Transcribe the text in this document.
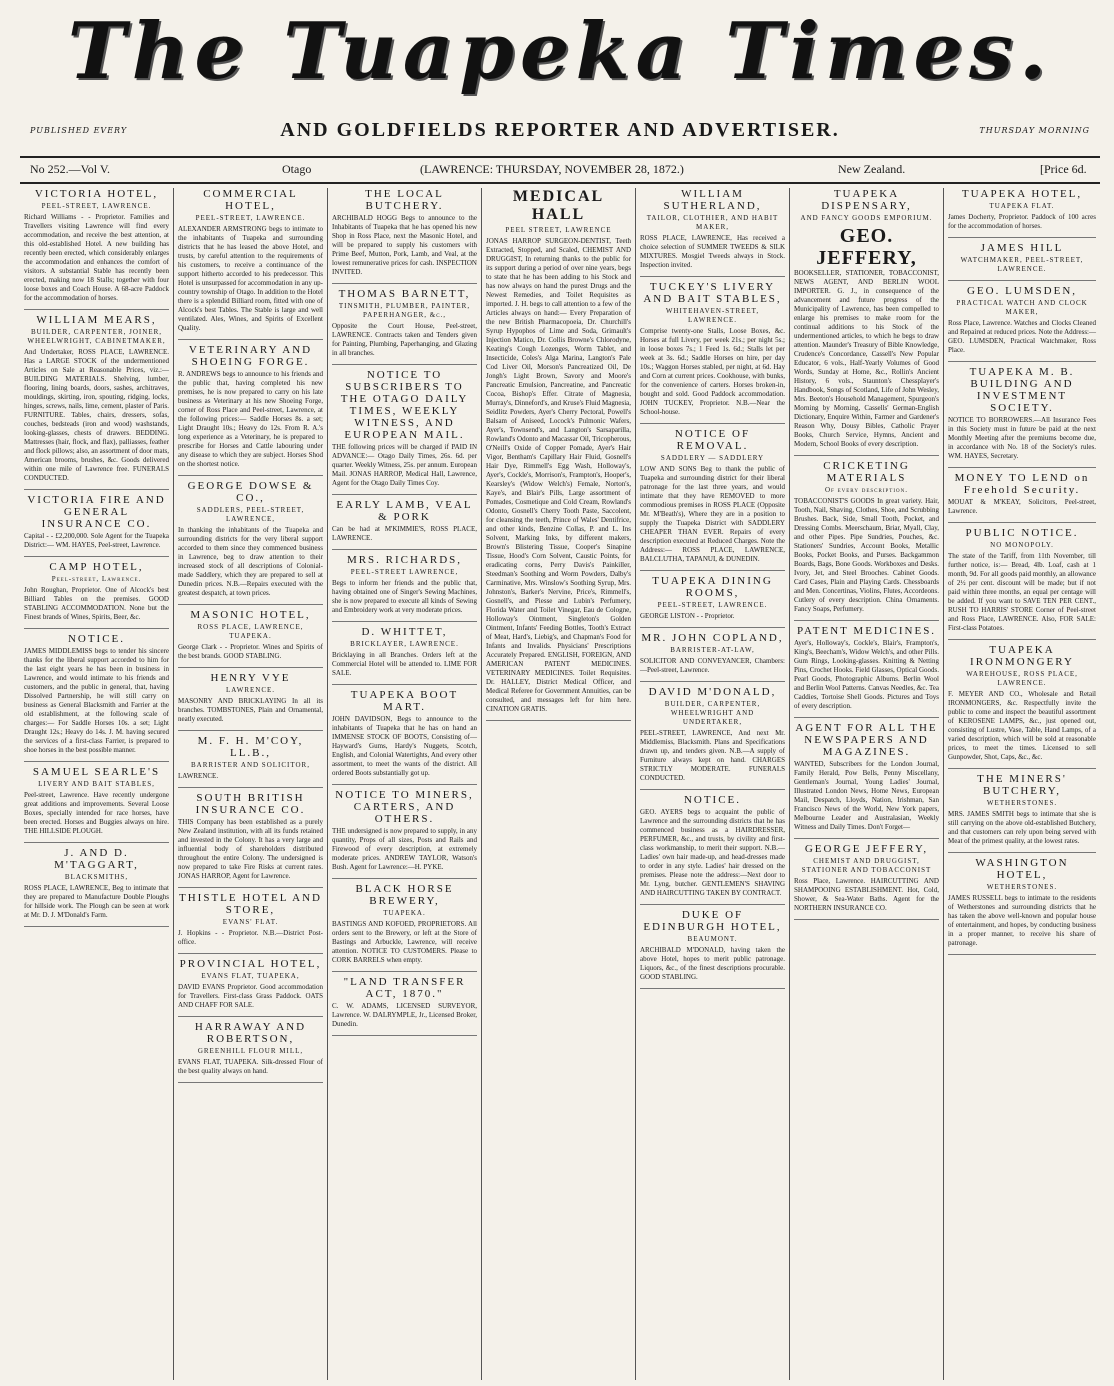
The Tuapeka Times.
PUBLISHED EVERY	AND GOLDFIELDS REPORTER AND ADVERTISER.	THURSDAY MORNING
No 252.—Vol V.	Otago	(LAWRENCE: THURSDAY, NOVEMBER 28, 1872.)	New Zealand.	[Price 6d.
VICTORIA HOTEL,
PEEL-STREET, LAWRENCE.

Richard Williams - - Proprietor. Families and Travellers visiting Lawrence will find every accommodation, and receive the best attention, at this old-established Hotel. A new building has recently been erected, which considerably enlarges the accommodation and enhances the comfort of visitors. A substantial Stable has recently been erected, making now 18 Stalls; together with four loose boxes and Coach House. A 68-acre Paddock for the accommodation of horses.

WILLIAM MEARS,
BUILDER, CARPENTER, JOINER, WHEELWRIGHT, CABINETMAKER,

And Undertaker, ROSS PLACE, LAWRENCE. Has a LARGE STOCK of the undermentioned Articles on Sale at Reasonable Prices, viz.:— BUILDING MATERIALS. Shelving, lumber, flooring, lining boards, doors, sashes, architraves, mouldings, skirting, iron, spouting, ridging, locks, hinges, screws, nails, lime, cement, plaster of Paris. FURNITURE. Tables, chairs, dressers, sofas, couches, bedsteads (iron and wood) washstands, looking-glasses, chests of drawers. BEDDING. Mattresses (hair, flock, and flax), palliasses, feather and flock pillows; also, an assortment of door mats, American brooms, brushes, &c. Goods delivered within one mile of Lawrence free. FUNERALS CONDUCTED.

VICTORIA FIRE AND GENERAL INSURANCE CO.

Capital - - £2,200,000. Sole Agent for the Tuapeka District:— WM. HAYES, Peel-street, Lawrence.

CAMP HOTEL,
Peel-street, Lawrence.

John Roughan, Proprietor. One of Alcock's best Billiard Tables on the premises. GOOD STABLING ACCOMMODATION. None but the Finest brands of Wines, Spirits, Beer, &c.

NOTICE.

JAMES MIDDLEMISS begs to tender his sincere thanks for the liberal support accorded to him for the last eight years he has been in business in Lawrence, and would intimate to his friends and customers, and the public in general, that, having Dissolved Partnership, he will still carry on business as General Blacksmith and Farrier at the old establishment, at the following scale of charges:— For Saddle Horses 10s. a set; Light Draught 12s.; Heavy do 14s. J. M. having secured the services of a first-class Farrier, is prepared to shoe horses in the best possible manner.

SAMUEL SEARLE'S
LIVERY AND BAIT STABLES,

Peel-street, Lawrence. Have recently undergone great additions and improvements. Several Loose Boxes, specially intended for race horses, have been erected. Horses and Buggies always on hire. THE HILLSIDE PLOUGH.

J. AND D. M'TAGGART,
BLACKSMITHS,

ROSS PLACE, LAWRENCE, Beg to intimate that they are prepared to Manufacture Double Ploughs for hillside work. The Plough can be seen at work at Mr. D. J. M'Donald's Farm.

COMMERCIAL HOTEL,
PEEL-STREET, LAWRENCE.

ALEXANDER ARMSTRONG begs to intimate to the inhabitants of Tuapeka and surrounding districts that he has leased the above Hotel, and trusts, by careful attention to the requirements of his customers, to receive a continuance of the support hitherto accorded to his predecessor. This Hotel is unsurpassed for accommodation in any up-country township of Otago. In addition to the Hotel there is a splendid Billiard room, fitted with one of Alcock's best Tables. The Stable is large and well ventilated. Ales, Wines, and Spirits of Excellent Quality.

VETERINARY AND SHOEING FORGE.

R. ANDREWS begs to announce to his friends and the public that, having completed his new premises, he is now prepared to carry on his late business as Veterinary at his new Shoeing Forge, corner of Ross Place and Peel-street, Lawrence, at the following prices:— Saddle Horses 8s. a set; Light Draught 10s.; Heavy do 12s. From R. A.'s long experience as a Veterinary, he is prepared to prescribe for Horses and Cattle labouring under any disease to which they are subject. Horses Shod on the shortest notice.

GEORGE DOWSE & CO.,
SADDLERS, PEEL-STREET, LAWRENCE,

In thanking the inhabitants of the Tuapeka and surrounding districts for the very liberal support accorded to them since they commenced business in Lawrence, beg to draw attention to their increased stock of all descriptions of Colonial-made Saddlery, which they are prepared to sell at Dunedin prices. N.B.—Repairs executed with the greatest despatch, at town prices.

MASONIC HOTEL,
ROSS PLACE, LAWRENCE, TUAPEKA.

George Clark - - Proprietor. Wines and Spirits of the best brands. GOOD STABLING.

HENRY VYE
LAWRENCE.

MASONRY AND BRICKLAYING In all its branches. TOMBSTONES, Plain and Ornamental, neatly executed.

M. F. H. M'COY, LL.B.,
BARRISTER AND SOLICITOR,

LAWRENCE.

SOUTH BRITISH INSURANCE CO.

THIS Company has been established as a purely New Zealand institution, with all its funds retained and invested in the Colony. It has a very large and influential body of shareholders distributed throughout the entire Colony. The undersigned is now prepared to take Fire Risks at current rates. JONAS HARROP, Agent for Lawrence.

THISTLE HOTEL AND STORE,
EVANS' FLAT.

J. Hopkins - - Proprietor. N.B.—District Post-office.

PROVINCIAL HOTEL,
EVANS FLAT, TUAPEKA,

DAVID EVANS Proprietor. Good accommodation for Travellers. First-class Grass Paddock. OATS AND CHAFF FOR SALE.

HARRAWAY AND ROBERTSON,
GREENHILL FLOUR MILL,

EVANS FLAT, TUAPEKA. Silk-dressed Flour of the best quality always on hand.

THE LOCAL BUTCHERY.

ARCHIBALD HOGG Begs to announce to the Inhabitants of Tuapeka that he has opened his new Shop in Ross Place, next the Masonic Hotel, and will be prepared to supply his customers with Prime Beef, Mutton, Pork, Lamb, and Veal, at the lowest remunerative prices for cash. INSPECTION INVITED.

THOMAS BARNETT,
TINSMITH, PLUMBER, PAINTER, PAPERHANGER, &c.,

Opposite the Court House, Peel-street, LAWRENCE. Contracts taken and Tenders given for Painting, Plumbing, Paperhanging, and Glazing in all branches.

NOTICE TO SUBSCRIBERS TO THE OTAGO DAILY TIMES, WEEKLY WITNESS, AND EUROPEAN MAIL.

THE following prices will be charged if PAID IN ADVANCE:— Otago Daily Times, 26s. 6d. per quarter. Weekly Witness, 25s. per annum. European Mail. JONAS HARROP, Medical Hall, Lawrence, Agent for the Otago Daily Times Coy.

EARLY LAMB, VEAL & PORK

Can be had at M'KIMMIE'S, ROSS PLACE, LAWRENCE.

MRS. RICHARDS,
PEEL-STREET LAWRENCE,

Begs to inform her friends and the public that, having obtained one of Singer's Sewing Machines, she is now prepared to execute all kinds of Sewing and Embroidery work at very moderate prices.

D. WHITTET,
BRICKLAYER, LAWRENCE.

Bricklaying in all Branches. Orders left at the Commercial Hotel will be attended to. LIME FOR SALE.

TUAPEKA BOOT MART.

JOHN DAVIDSON, Begs to announce to the inhabitants of Tuapeka that he has on hand an IMMENSE STOCK OF BOOTS, Consisting of— Hayward's Gums, Hardy's Nuggets, Scotch, English, and Colonial Watertights, And every other assortment, to meet the wants of the district. All ordered Boots substantially got up.

NOTICE TO MINERS, CARTERS, AND OTHERS.

THE undersigned is now prepared to supply, in any quantity, Props of all sizes, Posts and Rails and Firewood of every description, at extremely moderate prices. ANDREW TAYLOR, Watson's Bush. Agent for Lawrence:—H. PYKE.

BLACK HORSE BREWERY,
TUAPEKA.

BASTINGS AND KOFOED, PROPRIETORS. All orders sent to the Brewery, or left at the Store of Bastings and Arbuckle, Lawrence, will receive attention. NOTICE TO CUSTOMERS. Please to CORK BARRELS when empty.

"LAND TRANSFER ACT, 1870."

C. W. ADAMS, LICENSED SURVEYOR, Lawrence. W. DALRYMPLE, Jr., Licensed Broker, Dunedin.

MEDICAL HALL
PEEL STREET, LAWRENCE

JONAS HARROP SURGEON-DENTIST, Teeth Extracted, Stopped, and Scaled, CHEMIST AND DRUGGIST, In returning thanks to the public for its support during a period of over nine years, begs to state that he has been adding to his Stock and has now always on hand the purest Drugs and the Newest Remedies, and Toilet Requisites as imported. J. H. begs to call attention to a few of the Articles always on hand:— Every Preparation of the new British Pharmacopoeia, Dr. Churchill's Syrup Hypophos of Lime and Soda, Grimault's Injection Matico, Dr. Collis Browne's Chlorodyne, Keating's Cough Lozenges, Worm Tablet, and Insecticide, Coles's Alga Marina, Langton's Pale Cod Liver Oil, Morson's Pancreatized Oil, De Jongh's Light Brown, Savory and Moore's Pancreatic Emulsion, Pancreatine, and Pancreatic Cocoa, Bishop's Effer. Citrate of Magnesia, Murray's, Dinneford's, and Kruse's Fluid Magnesia, Seidlitz Powders, Ayer's Cherry Pectoral, Powell's Balsam of Aniseed, Locock's Pulmonic Wafers, Ayer's, Townsend's, and Langton's Sarsaparilla, Rowland's Odonto and Macassar Oil, Tricopherous, O'Neill's Oxide of Copper Pomade, Ayer's Hair Vigor, Bentham's Capillary Hair Fluid, Gosnell's Hair Dye, Rimmell's Egg Wash, Holloway's, Ayer's, Cockle's, Morrison's, Frampton's, Hooper's, Kearsley's (Widow Welch's) Female, Norton's, Kaye's, and Blair's Pills, Large assortment of Pomades, Cosmetique and Cold Cream, Rowland's Odonto, Gosnell's Cherry Tooth Paste, Saccolent, for cleansing the teeth, Prince of Wales' Dentifrice, and other kinds, Benzine Collas, P. and L. Ins Solvent, Marking Inks, by different makers, Brown's Blistering Tissue, Cooper's Sinapine Tissue, Hood's Corn Solvent, Caustic Points, for eradicating corns, Perry Davis's Painkiller, Steedman's Soothing and Worm Powders, Dalby's Carminative, Mrs. Winslow's Soothing Syrup, Mrs. Johnston's, Barker's Nervine, Price's, Rimmell's, Gosnell's, and Piesse and Lubin's Perfumery, Florida Water and Toilet Vinegar, Eau de Cologne, Holloway's Ointment, Singleton's Golden Ointment, Infants' Feeding Bottles, Tooth's Extract of Meat, Hard's, Liebig's, and Chapman's Food for Infants and Invalids. Physicians' Prescriptions Accurately Prepared. ENGLISH, FOREIGN, AND AMERICAN PATENT MEDICINES. VETERINARY MEDICINES. Toilet Requisites. Dr. HALLEY, District Medical Officer, and Medical Referee for Government Annuities, can be consulted, and messages left for him here. CINATION GRATIS.

WILLIAM SUTHERLAND,
TAILOR, CLOTHIER, AND HABIT MAKER,

ROSS PLACE, LAWRENCE, Has received a choice selection of SUMMER TWEEDS & SILK MIXTURES. Mosgiel Tweeds always in Stock. Inspection invited.

TUCKEY'S LIVERY AND BAIT STABLES,
WHITEHAVEN-STREET, LAWRENCE.

Comprise twenty-one Stalls, Loose Boxes, &c. Horses at full Livery, per week 21s.; per night 5s.; in loose boxes 7s.; 1 Feed 1s. 6d.; Stalls let per week at 3s. 6d.; Saddle Horses on hire, per day 10s.; Waggon Horses stabled, per night, at 6d. Hay and Corn at current prices. Cookhouse, with bunks, for the convenience of carters. Horses broken-in, bought and sold. Good Paddock accommodation. JOHN TUCKEY, Proprietor. N.B.—Near the School-house.

NOTICE OF REMOVAL.
SADDLERY — SADDLERY

LOW AND SONS Beg to thank the public of Tuapeka and surrounding district for their liberal patronage for the last three years, and would intimate that they have REMOVED to more commodious premises in ROSS PLACE (Opposite Mr. M'Beath's), Where they are in a position to supply the Tuapeka District with SADDLERY CHEAPER THAN EVER. Repairs of every description executed at Reduced Charges. Note the Address:— ROSS PLACE, LAWRENCE, BALCLUTHA, TAPANUI, & DUNEDIN.

TUAPEKA DINING ROOMS,
PEEL-STREET, LAWRENCE.

GEORGE LISTON - - Proprietor.

MR. JOHN COPLAND,
BARRISTER-AT-LAW,

SOLICITOR AND CONVEYANCER, Chambers:—Peel-street, Lawrence.

DAVID M'DONALD,
BUILDER, CARPENTER, WHEELWRIGHT AND UNDERTAKER,

PEEL-STREET, LAWRENCE, And next Mr. Middlemiss, Blacksmith. Plans and Specifications drawn up, and tenders given. N.B.—A supply of Furniture always kept on hand. CHARGES STRICTLY MODERATE. FUNERALS CONDUCTED.

NOTICE.

GEO. AYERS begs to acquaint the public of Lawrence and the surrounding districts that he has commenced business as a HAIRDRESSER, PERFUMER, &c., and trusts, by civility and first-class workmanship, to merit their support. N.B.—Ladies' own hair made-up, and head-dresses made to order in any style. Ladies' hair dressed on the premises. Please note the address:—Next door to Mr. Lyng, butcher. GENTLEMEN'S SHAVING AND HAIRCUTTING TAKEN BY CONTRACT.

DUKE OF EDINBURGH HOTEL,
BEAUMONT.

ARCHIBALD M'DONALD, having taken the above Hotel, hopes to merit public patronage. Liquors, &c., of the finest descriptions procurable. GOOD STABLING.

TUAPEKA DISPENSARY,
AND FANCY GOODS EMPORIUM.
GEO. JEFFERY,

BOOKSELLER, STATIONER, TOBACCONIST, NEWS AGENT, AND BERLIN WOOL IMPORTER. G. J., in consequence of the advancement and future progress of the Municipality of Lawrence, has been compelled to enlarge his premises to make room for the continual additions to his Stock of the undermentioned articles, to which he begs to draw attention. Maunder's Treasury of Bible Knowledge, Crudence's Concordance, Cassell's New Popular Educator, 6 vols., Half-Yearly Volumes of Good Words, Sunday at Home, &c., Rollin's Ancient History, 6 vols., Staunton's Chessplayer's Handbook, Songs of Scotland, Life of John Wesley, Mrs. Beeton's Household Management, Spurgeon's Morning by Morning, Cassells' German-English Dictionary, Enquire Within, Farmer and Gardener's Reason Why, Dousy Bibles, Catholic Prayer Books, Church Service, Hymns, Ancient and Modern, School Books of every description.

CRICKETING MATERIALS
Of every description.

TOBACCONIST'S GOODS In great variety. Hair, Tooth, Nail, Shaving, Clothes, Shoe, and Scrubbing Brushes. Back, Side, Small Tooth, Pocket, and Dressing Combs. Meerschaum, Briar, Myall, Clay, and other Pipes. Pipe Sundries, Pouches, &c. Stationers' Sundries, Account Books, Metallic Books, Pocket Books, and Purses. Backgammon Boards, Bags, Bone Goods. Workboxes and Desks. Ivory, Jet, and Steel Brooches. Cabinet Goods. Card Cases, Plain and Playing Cards. Chessboards and Men. Concertinas, Violins, Flutes, Accordeons. Cutlery of every description. China Ornaments. Fancy Soaps, Perfumery.

PATENT MEDICINES.

Ayer's, Holloway's, Cockle's, Blair's, Frampton's, King's, Beecham's, Widow Welch's, and other Pills. Gum Rings, Looking-glasses. Knitting & Netting Pins, Crochet Hooks. Field Glasses, Optical Goods. Pearl Goods, Photographic Albums. Berlin Wool and Berlin Wool Patterns. Canvas Needles, &c. Tea Caddies, Tortoise Shell Goods. Pictures and Toys of every description.

AGENT FOR ALL THE NEWSPAPERS AND MAGAZINES.

WANTED, Subscribers for the London Journal, Family Herald, Pow Bells, Penny Miscellany, Gentleman's Journal, Young Ladies' Journal, Illustrated London News, Home News, European Mail, Despatch, Lloyds, Nation, Irishman, San Francisco News of the World, New York papers, Melbourne Leader and Australasian, Weekly Witness and Daily Times. Don't Forget—

GEORGE JEFFERY,
CHEMIST AND DRUGGIST, STATIONER AND TOBACCONIST

Ross Place, Lawrence. HAIRCUTTING AND SHAMPOOING ESTABLISHMENT. Hot, Cold, Shower, & Sea-Water Baths. Agent for the NORTHERN INSURANCE CO.

TUAPEKA HOTEL,
TUAPEKA FLAT.

James Docherty, Proprietor. Paddock of 100 acres for the accommodation of horses.

JAMES HILL
WATCHMAKER, PEEL-STREET, LAWRENCE.
GEO. LUMSDEN,
PRACTICAL WATCH AND CLOCK MAKER,

Ross Place, Lawrence. Watches and Clocks Cleaned and Repaired at reduced prices. Note the Address:— GEO. LUMSDEN, Practical Watchmaker, Ross Place.

TUAPEKA M. B. BUILDING AND INVESTMENT SOCIETY.

NOTICE TO BORROWERS.—All Insurance Fees in this Society must in future be paid at the next Monthly Meeting after the premiums become due, in accordance with No. 18 of the Society's rules. WM. HAYES, Secretary.

MONEY TO LEND on Freehold Security.

MOUAT & M'KEAY, Solicitors, Peel-street, Lawrence.

PUBLIC NOTICE.
NO MONOPOLY.

The state of the Tariff, from 11th November, till further notice, is:— Bread, 4lb. Loaf, cash at 1 month, 9d. For all goods paid monthly, an allowance of 2½ per cent. discount will be made; but if not paid within three months, an equal per centage will be added. If you want to SAVE TEN PER CENT., RUSH TO HARRIS' STORE Corner of Peel-street and Ross Place, LAWRENCE. Also, FOR SALE: First-class Potatoes.

TUAPEKA IRONMONGERY
WAREHOUSE, ROSS PLACE, LAWRENCE.

F. MEYER AND CO., Wholesale and Retail IRONMONGERS, &c. Respectfully invite the public to come and inspect the beautiful assortment of KEROSENE LAMPS, &c., just opened out, consisting of Lustre, Vase, Table, Hand Lamps, of a varied description, which will be sold at reasonable prices, to meet the times. Licensed to sell Gunpowder, Shot, Caps, &c., &c.

THE MINERS' BUTCHERY,
WETHERSTONES.

MRS. JAMES SMITH begs to intimate that she is still carrying on the above old-established Butchery, and that customers can rely upon being served with Meat of the primest quality, at the lowest rates.

WASHINGTON HOTEL,
WETHERSTONES.

JAMES RUSSELL begs to intimate to the residents of Wetherstones and surrounding districts that he has taken the above well-known and popular house of entertainment, and hopes, by conducting business in a proper manner, to receive his share of patronage.
